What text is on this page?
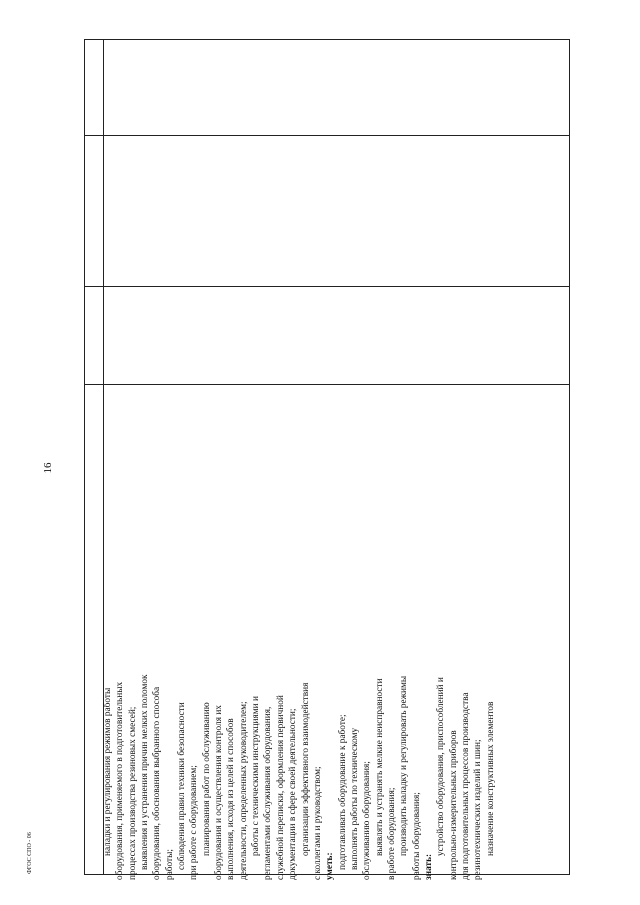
16
ФГОС СПО - 06	наладки и регулирования режимов работы оборудования, применяемого в подготовительных процессах производства резиновых смесей; выявления и устранения причин мелких поломок оборудования, обоснования выбранного способа работы; соблюдения правил техники безопасности при работе с оборудованием; планирования работ по обслуживанию оборудования и осуществления контроля их выполнения, исходя из целей и способов деятельности, определенных руководителем; работы с техническими инструкциями и регламентами обслуживания оборудования, служебной переписки, оформления первичной документации в сфере своей деятельности; организации эффективного взаимодействия с коллегами и руководством; уметь: подготавливать оборудование к работе; выполнять работы по техническому обслуживанию оборудования; выявлять и устранять мелкие неисправности в работе оборудования; производить наладку и регулировать режимы работы оборудования; знать:
устройство оборудования, приспособлений и контрольно-измерительных приборов для подготовительных процессов производства резинотехнических изделий и шин; назначение конструктивных элементов
